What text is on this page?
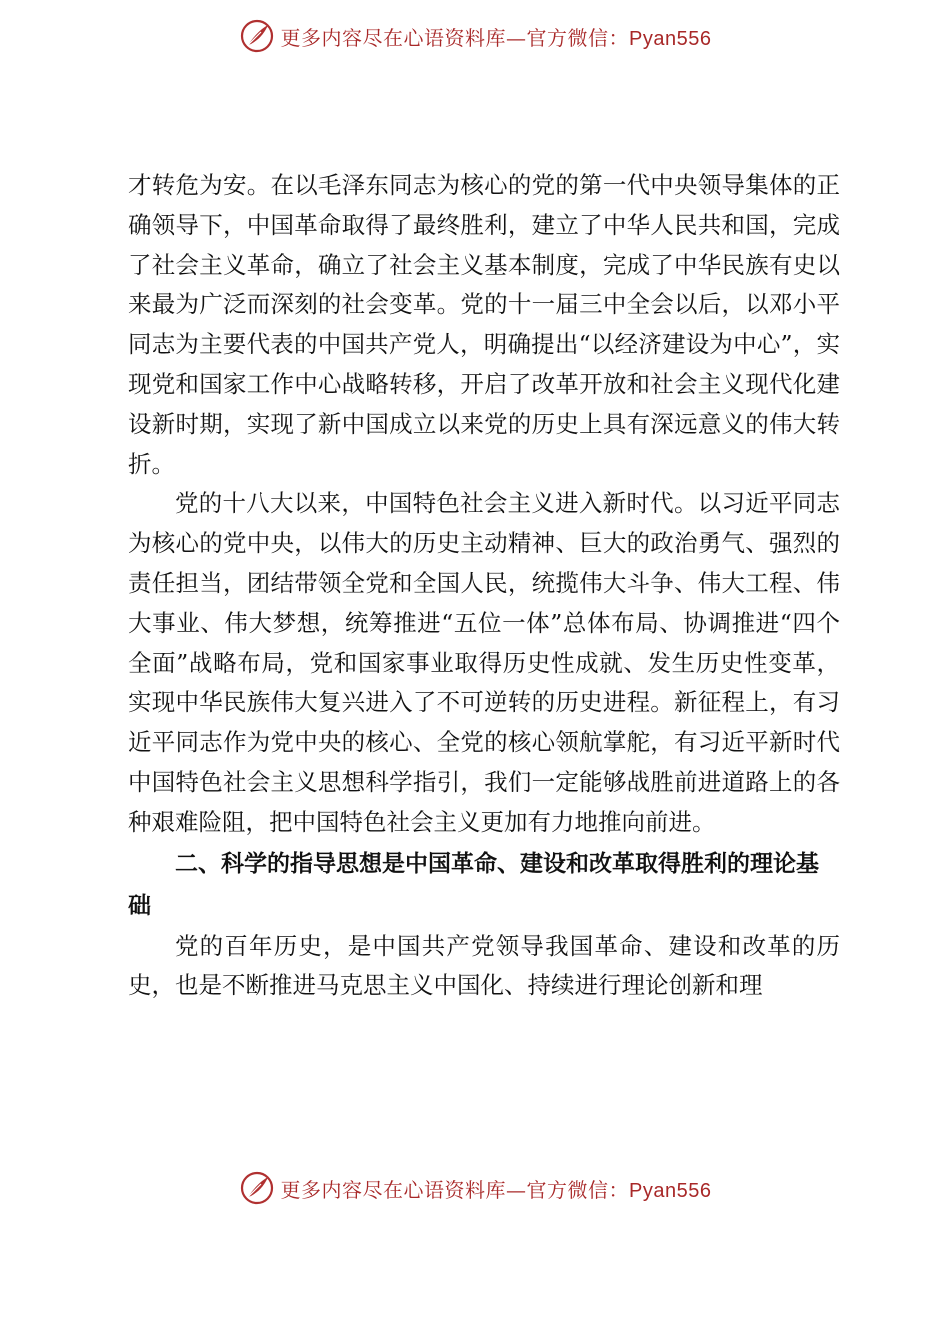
更多内容尽在心语资料库—官方微信：Pyan556

才转危为安。在以毛泽东同志为核心的党的第一代中央领导集体的正确领导下，中国革命取得了最终胜利，建立了中华人民共和国，完成了社会主义革命，确立了社会主义基本制度，完成了中华民族有史以来最为广泛而深刻的社会变革。党的十一届三中全会以后，以邓小平同志为主要代表的中国共产党人，明确提出“以经济建设为中心”，实现党和国家工作中心战略转移，开启了改革开放和社会主义现代化建设新时期，实现了新中国成立以来党的历史上具有深远意义的伟大转折。

党的十八大以来，中国特色社会主义进入新时代。以习近平同志为核心的党中央，以伟大的历史主动精神、巨大的政治勇气、强烈的责任担当，团结带领全党和全国人民，统揽伟大斗争、伟大工程、伟大事业、伟大梦想，统筹推进“五位一体”总体布局、协调推进“四个全面”战略布局，党和国家事业取得历史性成就、发生历史性变革，实现中华民族伟大复兴进入了不可逆转的历史进程。新征程上，有习近平同志作为党中央的核心、全党的核心领航掌舵，有习近平新时代中国特色社会主义思想科学指引，我们一定能够战胜前进道路上的各种艰难险阻，把中国特色社会主义更加有力地推向前进。

二、科学的指导思想是中国革命、建设和改革取得胜利的理论基础

党的百年历史，是中国共产党领导我国革命、建设和改革的历史，也是不断推进马克思主义中国化、持续进行理论创新和理

更多内容尽在心语资料库—官方微信：Pyan556
